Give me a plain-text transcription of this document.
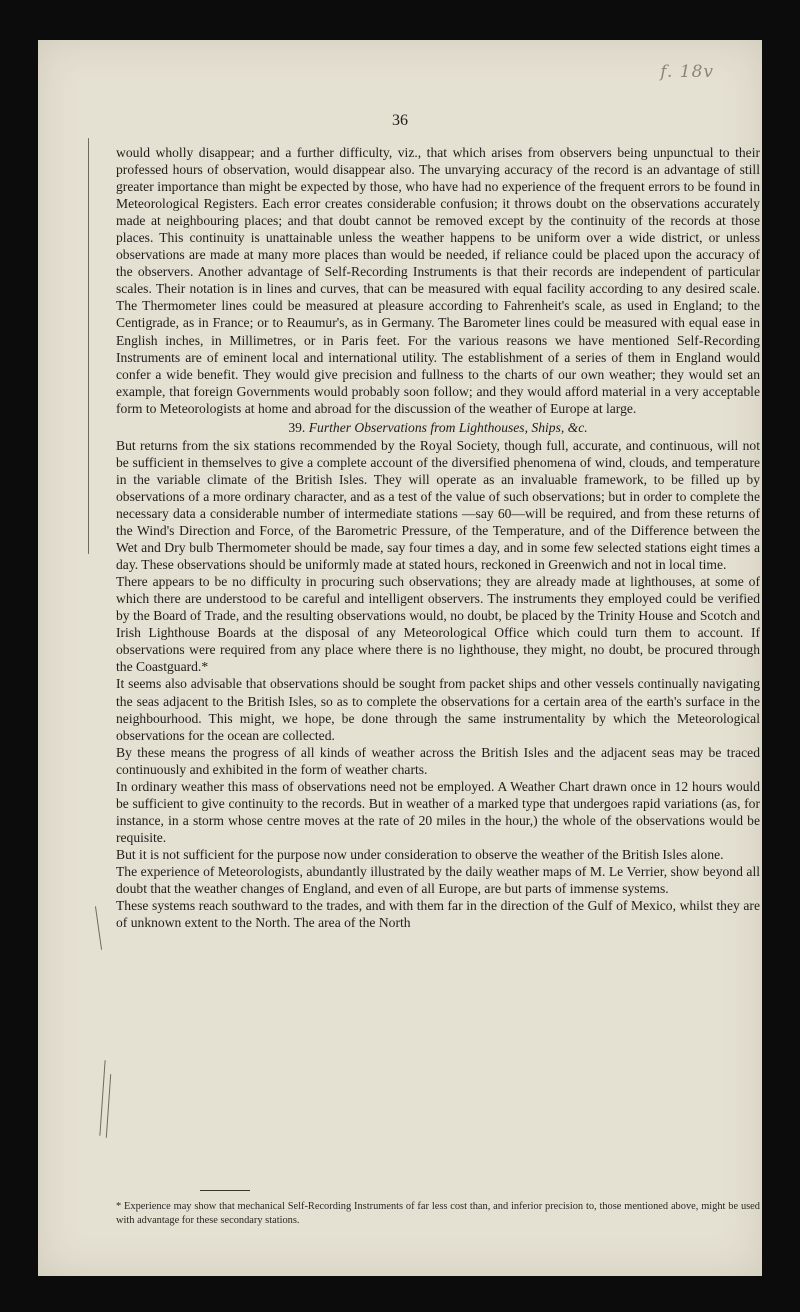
f. 18v
36

would wholly disappear; and a further difficulty, viz., that which arises from observers being unpunctual to their professed hours of observation, would disappear also. The unvarying accuracy of the record is an advantage of still greater importance than might be expected by those, who have had no experience of the frequent errors to be found in Meteorological Registers. Each error creates considerable confusion; it throws doubt on the observations accurately made at neighbouring places; and that doubt cannot be removed except by the continuity of the records at those places. This continuity is unattainable unless the weather happens to be uniform over a wide district, or unless observations are made at many more places than would be needed, if reliance could be placed upon the accuracy of the observers. Another advantage of Self-Recording Instruments is that their records are independent of particular scales. Their notation is in lines and curves, that can be measured with equal facility according to any desired scale. The Thermometer lines could be measured at pleasure according to Fahrenheit's scale, as used in England; to the Centigrade, as in France; or to Reaumur's, as in Germany. The Barometer lines could be measured with equal ease in English inches, in Millimetres, or in Paris feet. For the various reasons we have mentioned Self-Recording Instruments are of eminent local and international utility. The establishment of a series of them in England would confer a wide benefit. They would give precision and fullness to the charts of our own weather; they would set an example, that foreign Governments would probably soon follow; and they would afford material in a very acceptable form to Meteorologists at home and abroad for the discussion of the weather of Europe at large.

39. Further Observations from Lighthouses, Ships, &c.

But returns from the six stations recommended by the Royal Society, though full, accurate, and continuous, will not be sufficient in themselves to give a complete account of the diversified phenomena of wind, clouds, and temperature in the variable climate of the British Isles. They will operate as an invaluable framework, to be filled up by observations of a more ordinary character, and as a test of the value of such observations; but in order to complete the necessary data a considerable number of intermediate stations —say 60—will be required, and from these returns of the Wind's Direction and Force, of the Barometric Pressure, of the Temperature, and of the Difference between the Wet and Dry bulb Thermometer should be made, say four times a day, and in some few selected stations eight times a day. These observations should be uniformly made at stated hours, reckoned in Greenwich and not in local time.

There appears to be no difficulty in procuring such observations; they are already made at lighthouses, at some of which there are understood to be careful and intelligent observers. The instruments they employed could be verified by the Board of Trade, and the resulting observations would, no doubt, be placed by the Trinity House and Scotch and Irish Lighthouse Boards at the disposal of any Meteorological Office which could turn them to account. If observations were required from any place where there is no lighthouse, they might, no doubt, be procured through the Coastguard.*

It seems also advisable that observations should be sought from packet ships and other vessels continually navigating the seas adjacent to the British Isles, so as to complete the observations for a certain area of the earth's surface in the neighbourhood. This might, we hope, be done through the same instrumentality by which the Meteorological observations for the ocean are collected.

By these means the progress of all kinds of weather across the British Isles and the adjacent seas may be traced continuously and exhibited in the form of weather charts.

In ordinary weather this mass of observations need not be employed. A Weather Chart drawn once in 12 hours would be sufficient to give continuity to the records. But in weather of a marked type that undergoes rapid variations (as, for instance, in a storm whose centre moves at the rate of 20 miles in the hour,) the whole of the observations would be requisite.

But it is not sufficient for the purpose now under consideration to observe the weather of the British Isles alone.

The experience of Meteorologists, abundantly illustrated by the daily weather maps of M. Le Verrier, show beyond all doubt that the weather changes of England, and even of all Europe, are but parts of immense systems.

These systems reach southward to the trades, and with them far in the direction of the Gulf of Mexico, whilst they are of unknown extent to the North. The area of the North

* Experience may show that mechanical Self-Recording Instruments of far less cost than, and inferior precision to, those mentioned above, might be used with advantage for these secondary stations.
